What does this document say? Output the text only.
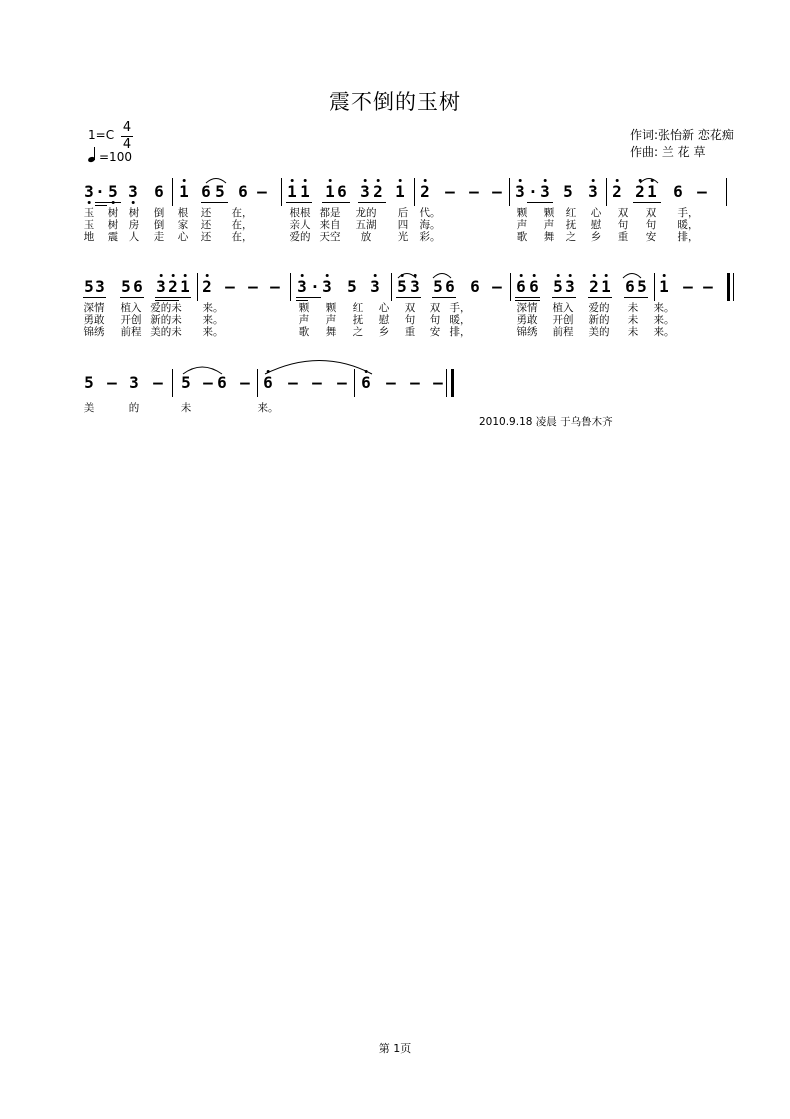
震不倒的玉树
1=C 4
4
=100
作词:张怡新 恋花痴
作曲: 兰 花 草
3 · 5 3 6 1 6 5 6 – 1 1 1 6 3 2 1 2 – – – 3 · 3 5 3 2 2 1 6 –
玉 树 树 倒 根 还 在，	根根 都是 龙的 后 代。	颗 颗 红 心 双 双 手，
玉 树 房 倒 家 还 在，	亲人 来自 五湖 四 海。	声 声 抚 慰 句 句 暖，
地 震 人 走 心 还 在，	爱的 天空 放	光 彩。	歌 舞 之 乡 重 安 排，
5 3 5 6 3 2 1 2 – – – 3 · 3 5 3 5 3 5 6 6 – 6 6 5 3 2 1 6 5 1 – –
深情 植入 爱的未 来。	颗 颗 红 心 双 双 手，	深情 植入 爱的 未 来。
勇敢 开创 新的未 来。	声 声 抚 慰 句 句 暖，	勇敢 开创 新的 未 来。
锦绣 前程 美的未 来。	歌 舞 之 乡 重 安 排，	锦绣 前程 美的 未 来。
5 – 3 – 5 – 6 – 6 – – – 6 – – –
美	的	未	来。
2010.9.18 凌晨 于乌鲁木齐
第 1页
